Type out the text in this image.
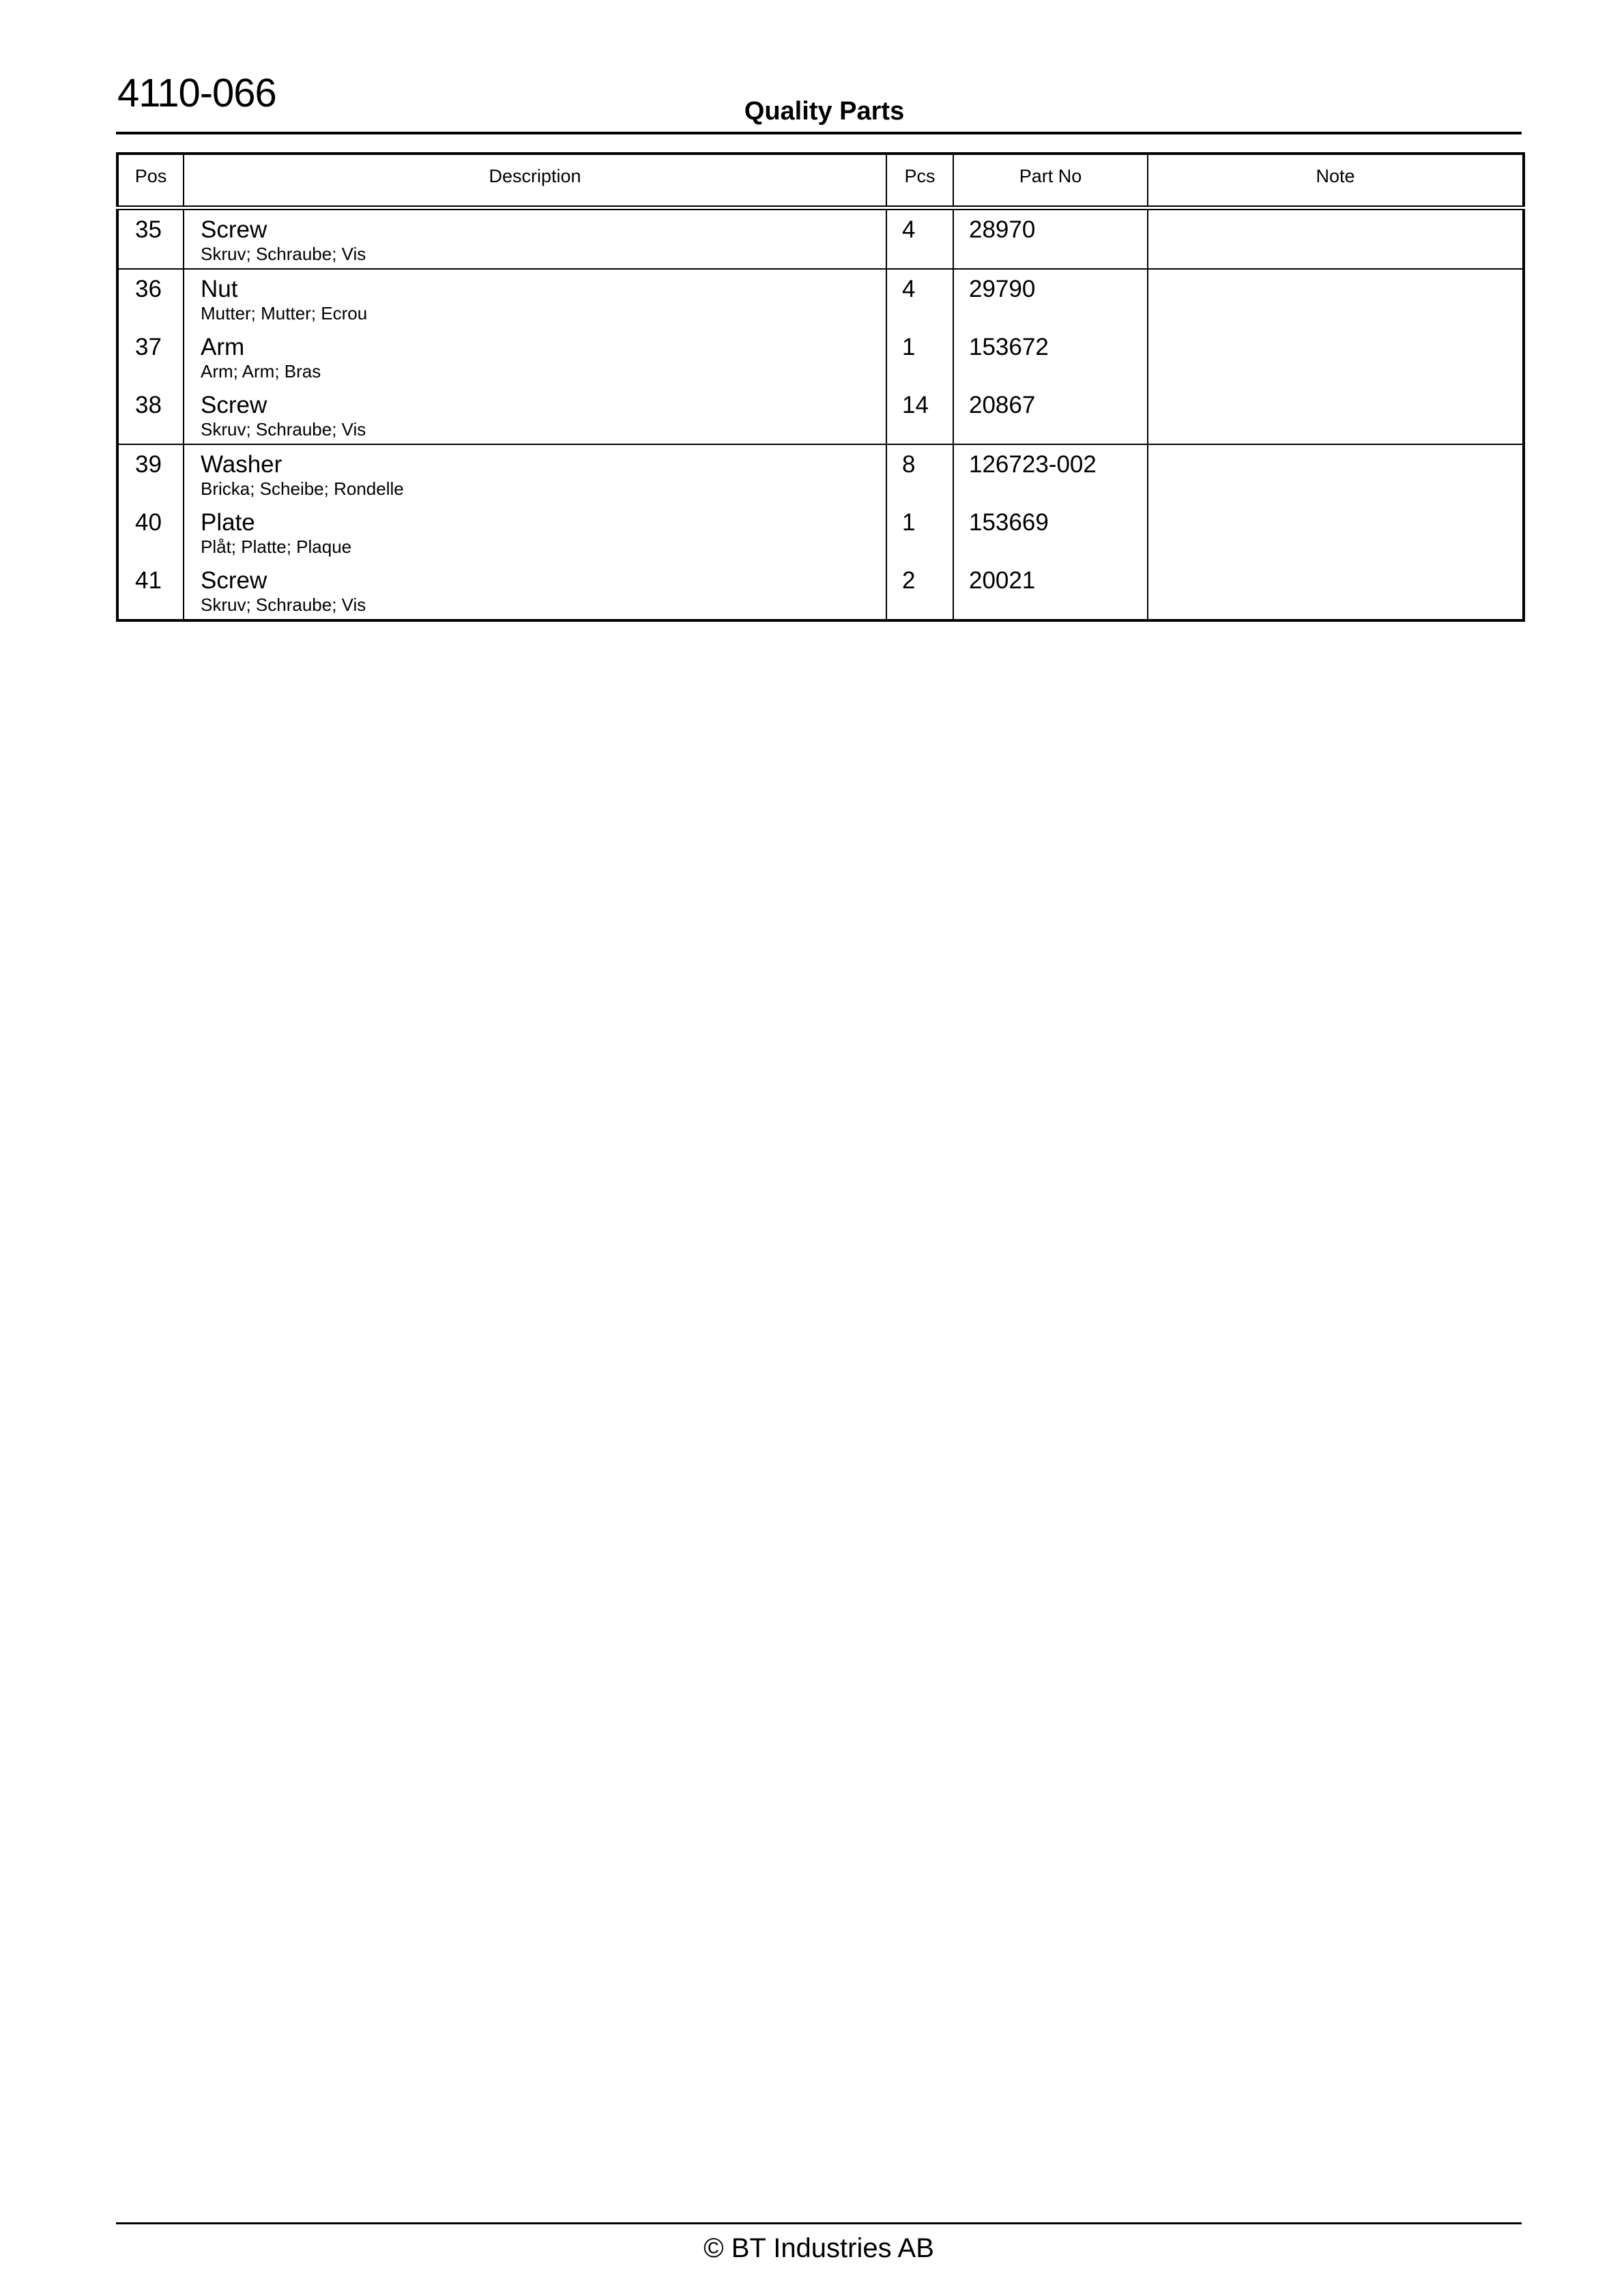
4110-066	Quality Parts
Pos	Description	Pcs	Part No	Note

35	Screw
Skruv; Schraube; Vis	4	28970	

36	Nut
Mutter; Mutter; Ecrou	4	29790	

37	Arm
Arm; Arm; Bras	1	153672	

38	Screw
Skruv; Schraube; Vis	14	20867	

39	Washer
Bricka; Scheibe; Rondelle	8	126723-002	

40	Plate
Plåt; Platte; Plaque	1	153669	

41	Screw
Skruv; Schraube; Vis	2	20021	

© BT Industries AB
